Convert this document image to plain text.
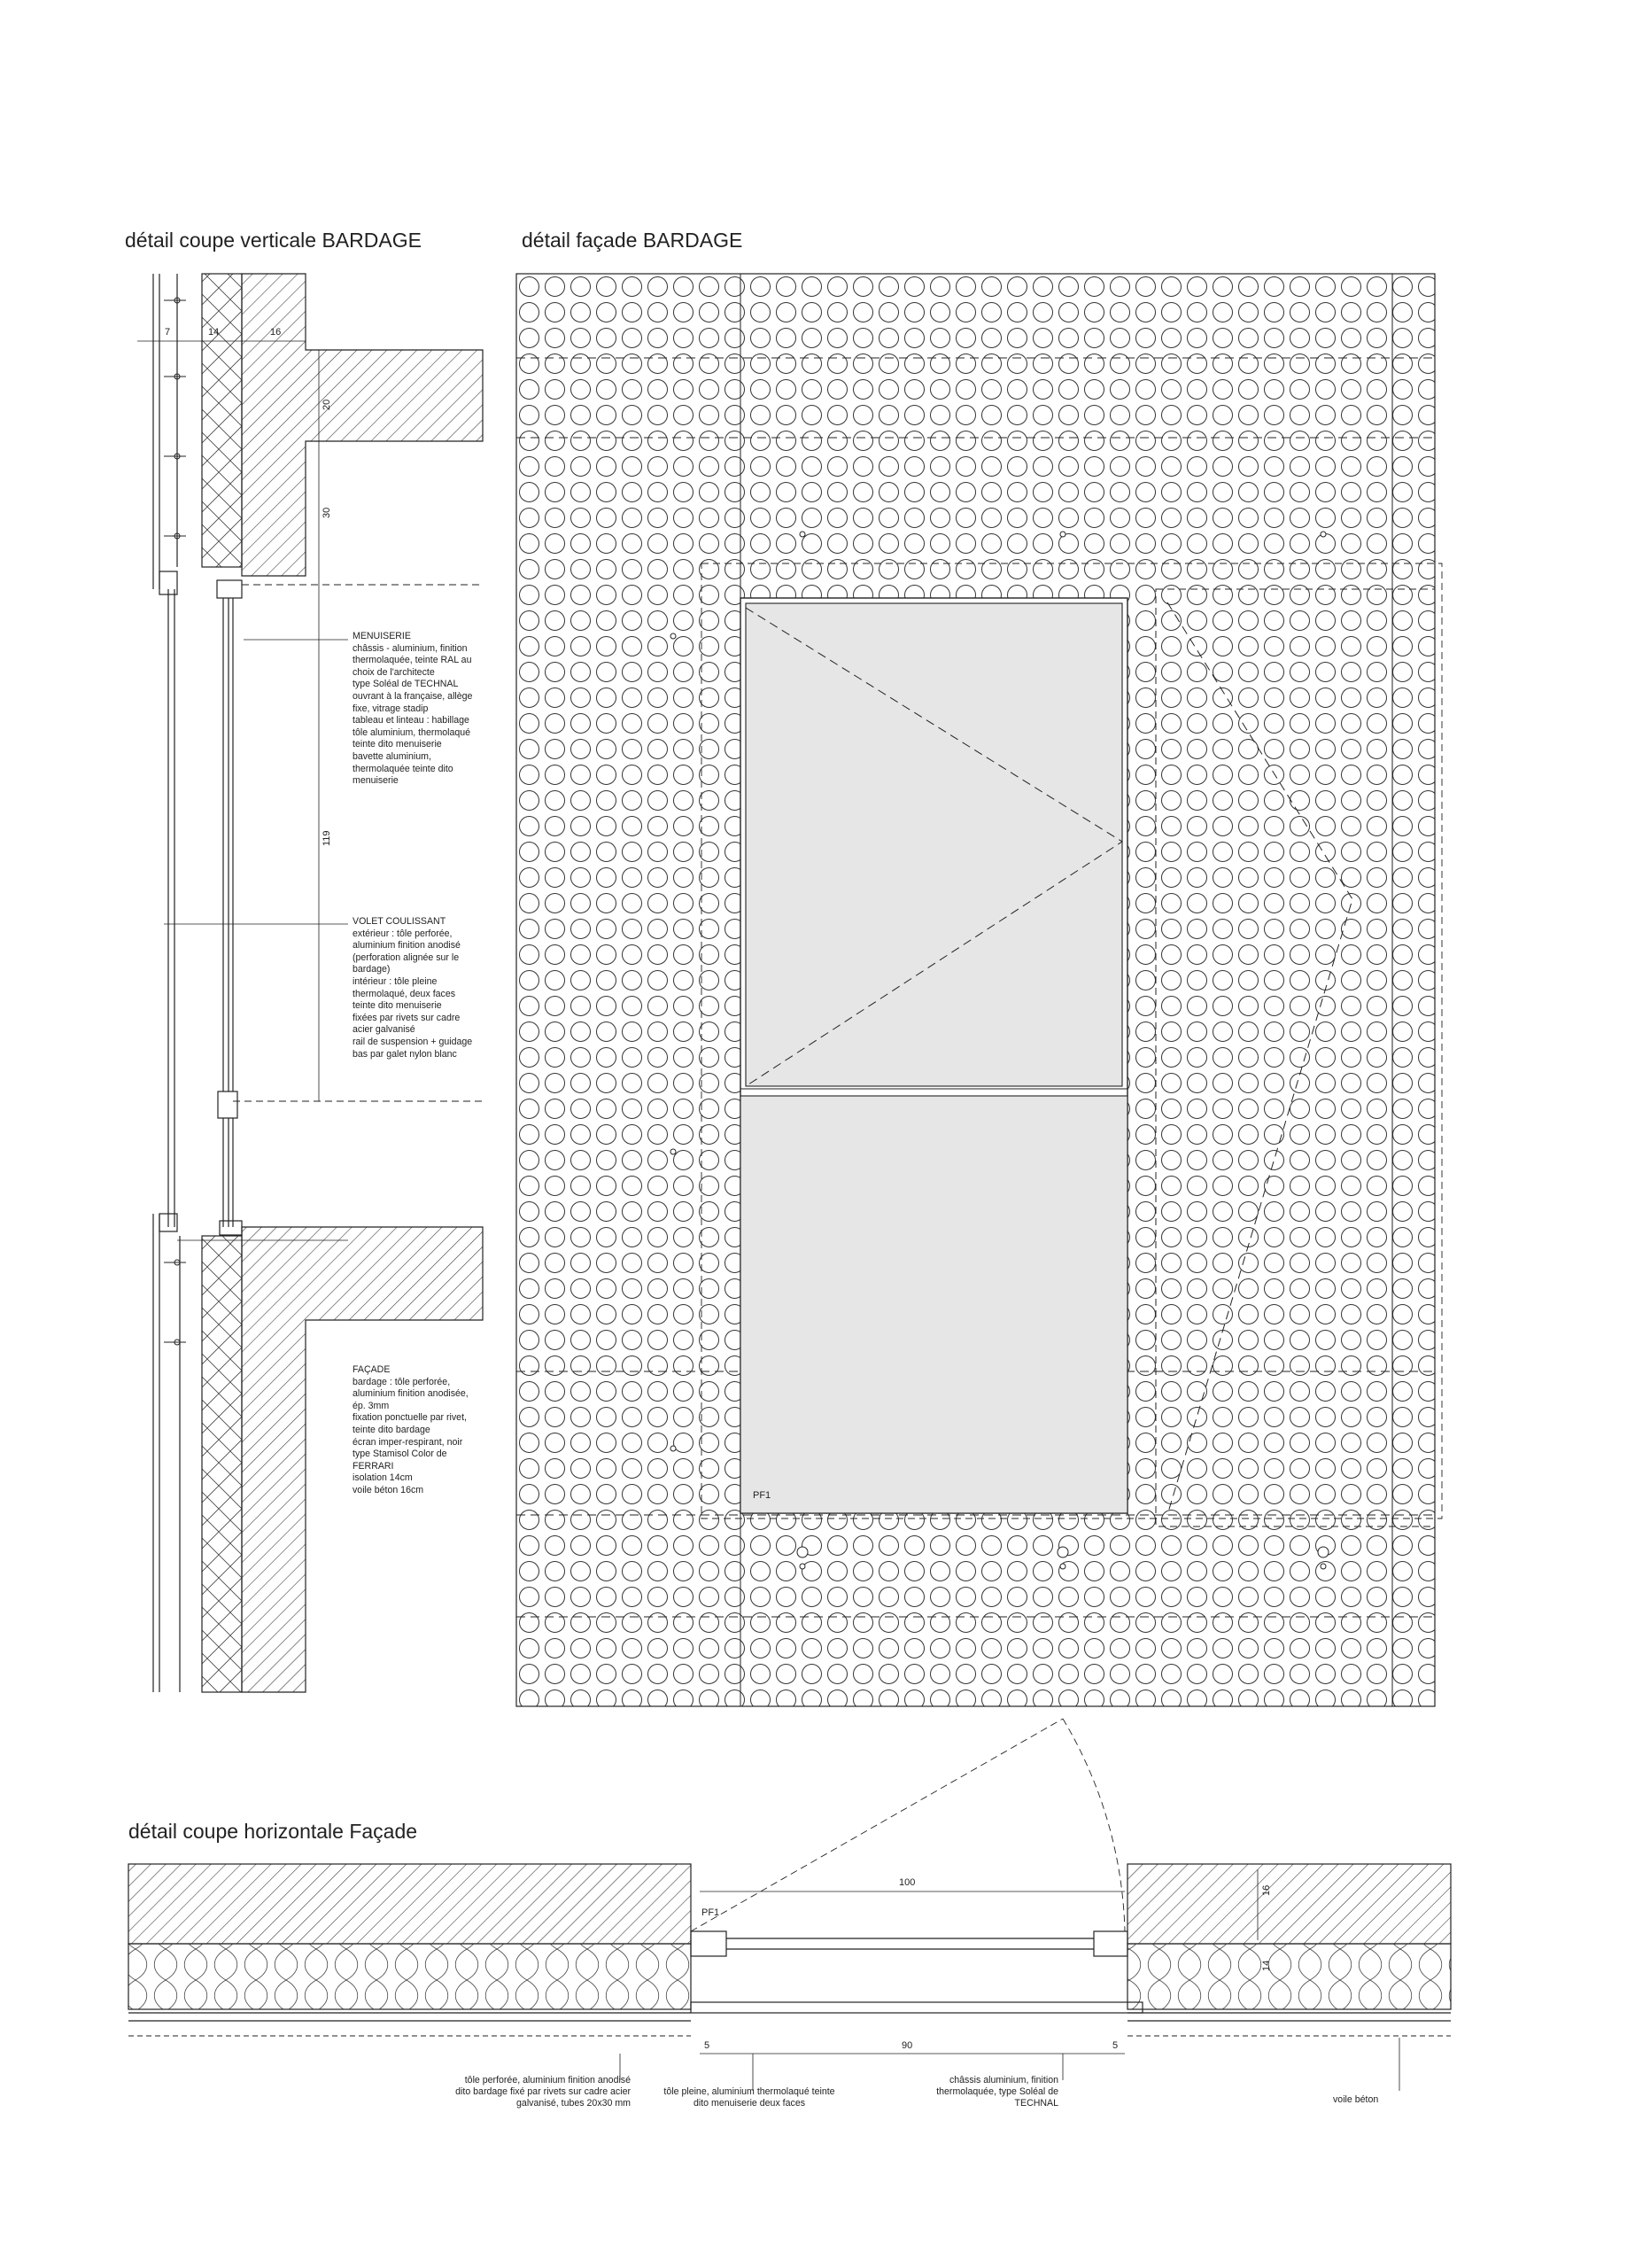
détail coupe verticale BARDAGE	détail façade BARDAGE
détail coupe horizontale Façade
7	14	16
20
30
119
PF1
PF1
100
90
5	5
16
14
MENUISERIE
châssis - aluminium, finition
thermolaquée, teinte RAL au
choix de l'architecte
type Soléal de TECHNAL
ouvrant à la française, allège
fixe, vitrage stadip
tableau et linteau : habillage
tôle aluminium, thermolaqué
teinte dito menuiserie
bavette aluminium,
thermolaquée teinte dito
menuiserie
VOLET COULISSANT
extérieur : tôle perforée,
aluminium finition anodisé
(perforation alignée sur le
bardage)
intérieur : tôle pleine
thermolaqué, deux faces
teinte dito menuiserie
fixées par rivets sur cadre
acier galvanisé
rail de suspension + guidage
bas par galet nylon blanc
FAÇADE
bardage : tôle perforée,
aluminium finition anodisée,
ép. 3mm
fixation ponctuelle par rivet,
teinte dito bardage
écran imper-respirant, noir
type Stamisol Color de
FERRARI
isolation 14cm
voile béton 16cm
tôle perforée, aluminium finition anodisé
dito bardage fixé par rivets sur cadre acier
galvanisé, tubes 20x30 mm
tôle pleine, aluminium thermolaqué teinte
dito menuiserie deux faces
châssis aluminium, finition
thermolaquée, type Soléal de
TECHNAL	voile béton
